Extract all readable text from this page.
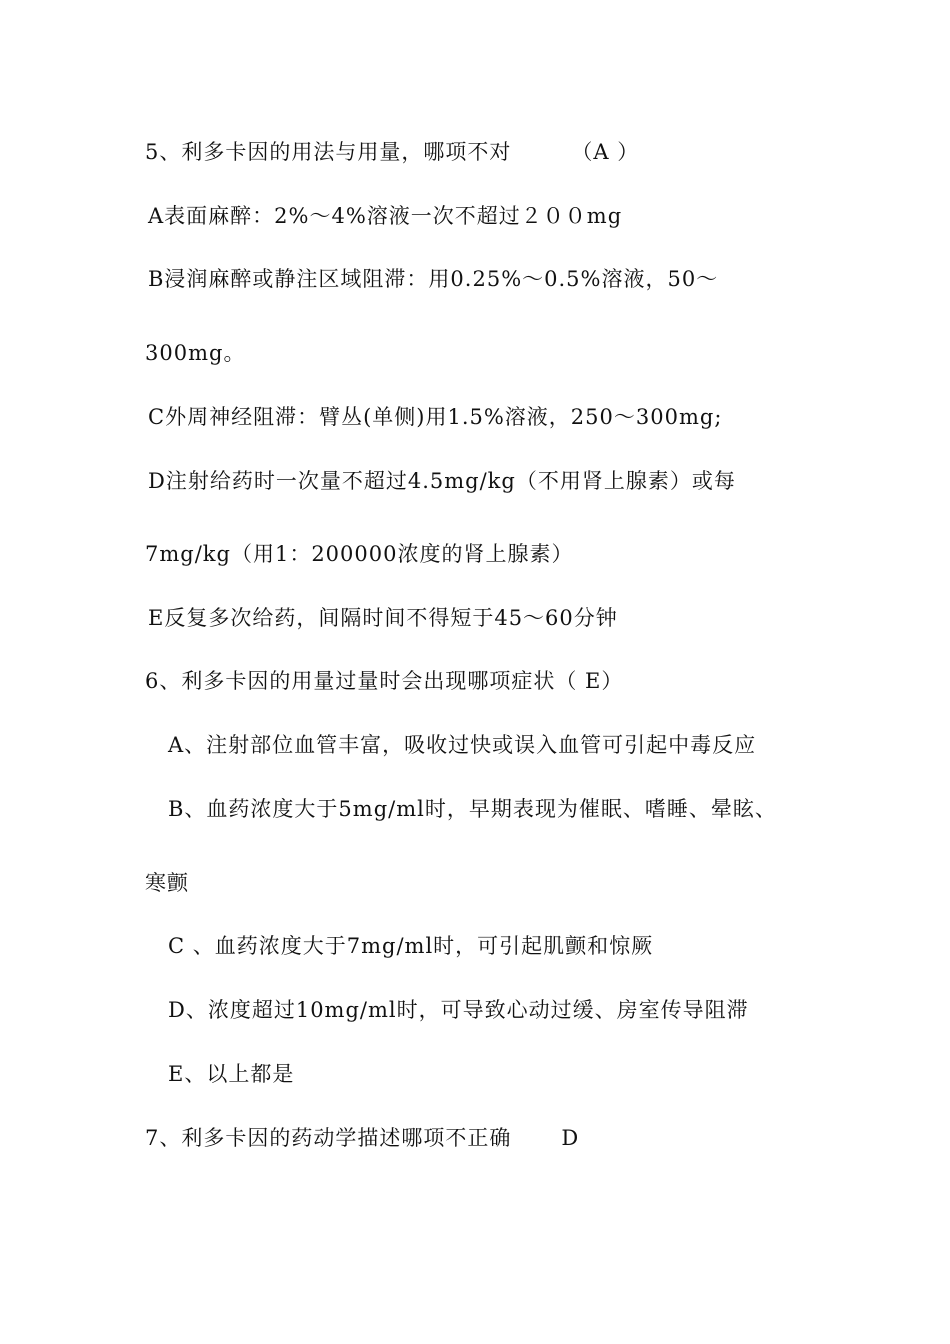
5、利多卡因的用法与用量，哪项不对	（A ）
A表面麻醉：2%～4%溶液一次不超过２００mg
B浸润麻醉或静注区域阻滞：用0.25%～0.5%溶液，50～
300mg。
C外周神经阻滞：臂丛(单侧)用1.5%溶液，250～300mg;
D注射给药时一次量不超过4.5mg/kg（不用肾上腺素）或每
7mg/kg（用1：200000浓度的肾上腺素）
E反复多次给药，间隔时间不得短于45～60分钟
6、利多卡因的用量过量时会出现哪项症状（ E）
A、注射部位血管丰富，吸收过快或误入血管可引起中毒反应
B、血药浓度大于5mg/ml时，早期表现为催眠、嗜睡、晕眩、
寒颤
C 、血药浓度大于7mg/ml时，可引起肌颤和惊厥
D、浓度超过10mg/ml时，可导致心动过缓、房室传导阻滞
E、以上都是
7、利多卡因的药动学描述哪项不正确 D
